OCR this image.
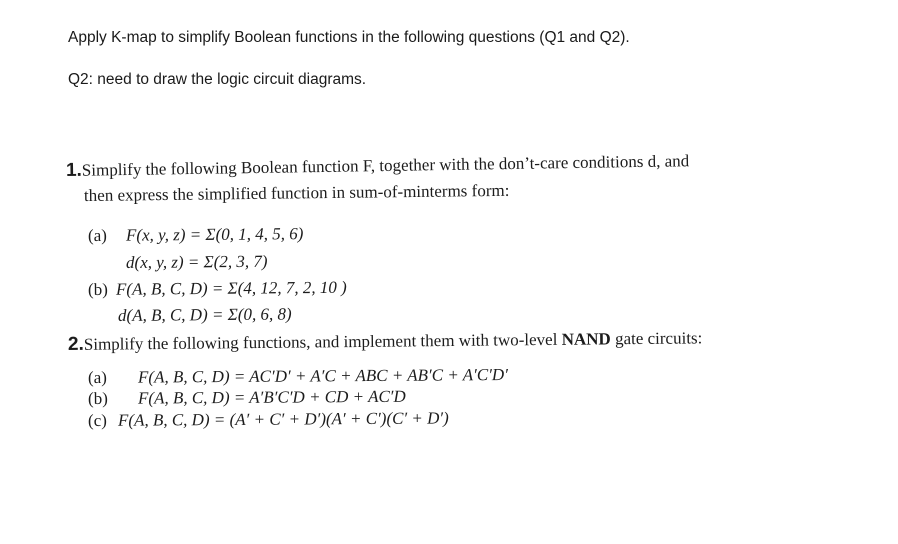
Apply K-map to simplify Boolean functions in the following questions (Q1 and Q2).
Q2: need to draw the logic circuit diagrams.
1.Simplify the following Boolean function F, together with the don’t-care conditions d, and
then express the simplified function in sum-of-minterms form:
(a) F(x, y, z) = Σ(0, 1, 4, 5, 6)
d(x, y, z) = Σ(2, 3, 7)
(b) F(A, B, C, D) = Σ(4, 12, 7, 2, 10 )
d(A, B, C, D) = Σ(0, 6, 8)
2.Simplify the following functions, and implement them with two-level NAND gate circuits:
(a) F(A, B, C, D) = AC′D′ + A′C + ABC + AB′C + A′C′D′
(b) F(A, B, C, D) = A′B′C′D + CD + AC′D
(c) F(A, B, C, D) = (A′ + C′ + D′)(A′ + C′)(C′ + D′)
